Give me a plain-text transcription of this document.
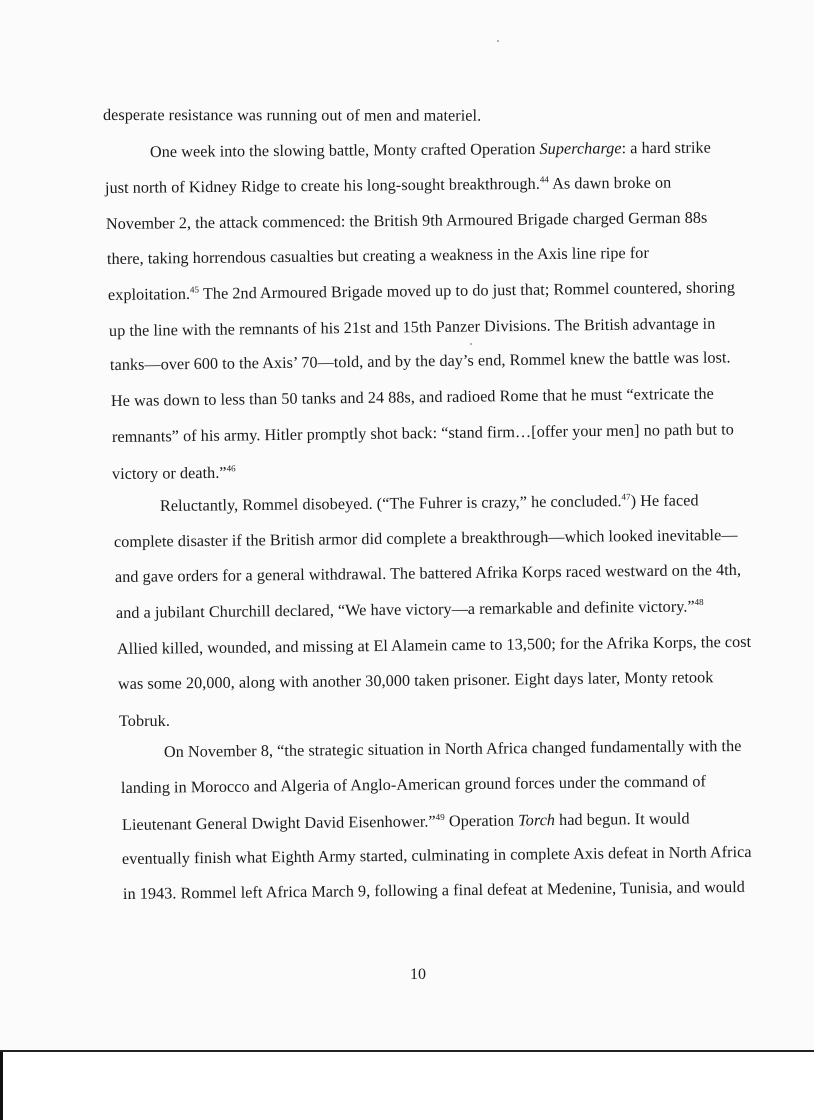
desperate resistance was running out of men and materiel.
One week into the slowing battle, Monty crafted Operation Supercharge: a hard strike
just north of Kidney Ridge to create his long-sought breakthrough.$^{44}$ As dawn broke on
November 2, the attack commenced: the British 9th Armoured Brigade charged German 88s
there, taking horrendous casualties but creating a weakness in the Axis line ripe for
exploitation.$^{45}$ The 2nd Armoured Brigade moved up to do just that; Rommel countered, shoring
up the line with the remnants of his 21st and 15th Panzer Divisions. The British advantage in
tanks—over 600 to the Axis’ 70—told, and by the day’s end, Rommel knew the battle was lost.
He was down to less than 50 tanks and 24 88s, and radioed Rome that he must “extricate the
remnants” of his army. Hitler promptly shot back: “stand firm…[offer your men] no path but to
victory or death.”$^{46}$
Reluctantly, Rommel disobeyed. (“The Fuhrer is crazy,” he concluded.$^{47}$) He faced
complete disaster if the British armor did complete a breakthrough—which looked inevitable—
and gave orders for a general withdrawal. The battered Afrika Korps raced westward on the 4th,
and a jubilant Churchill declared, “We have victory—a remarkable and definite victory.”$^{48}$
Allied killed, wounded, and missing at El Alamein came to 13,500; for the Afrika Korps, the cost
was some 20,000, along with another 30,000 taken prisoner. Eight days later, Monty retook
Tobruk.
On November 8, “the strategic situation in North Africa changed fundamentally with the
landing in Morocco and Algeria of Anglo-American ground forces under the command of
Lieutenant General Dwight David Eisenhower.”$^{49}$ Operation Torch had begun. It would
eventually finish what Eighth Army started, culminating in complete Axis defeat in North Africa
in 1943. Rommel left Africa March 9, following a final defeat at Medenine, Tunisia, and would
10
